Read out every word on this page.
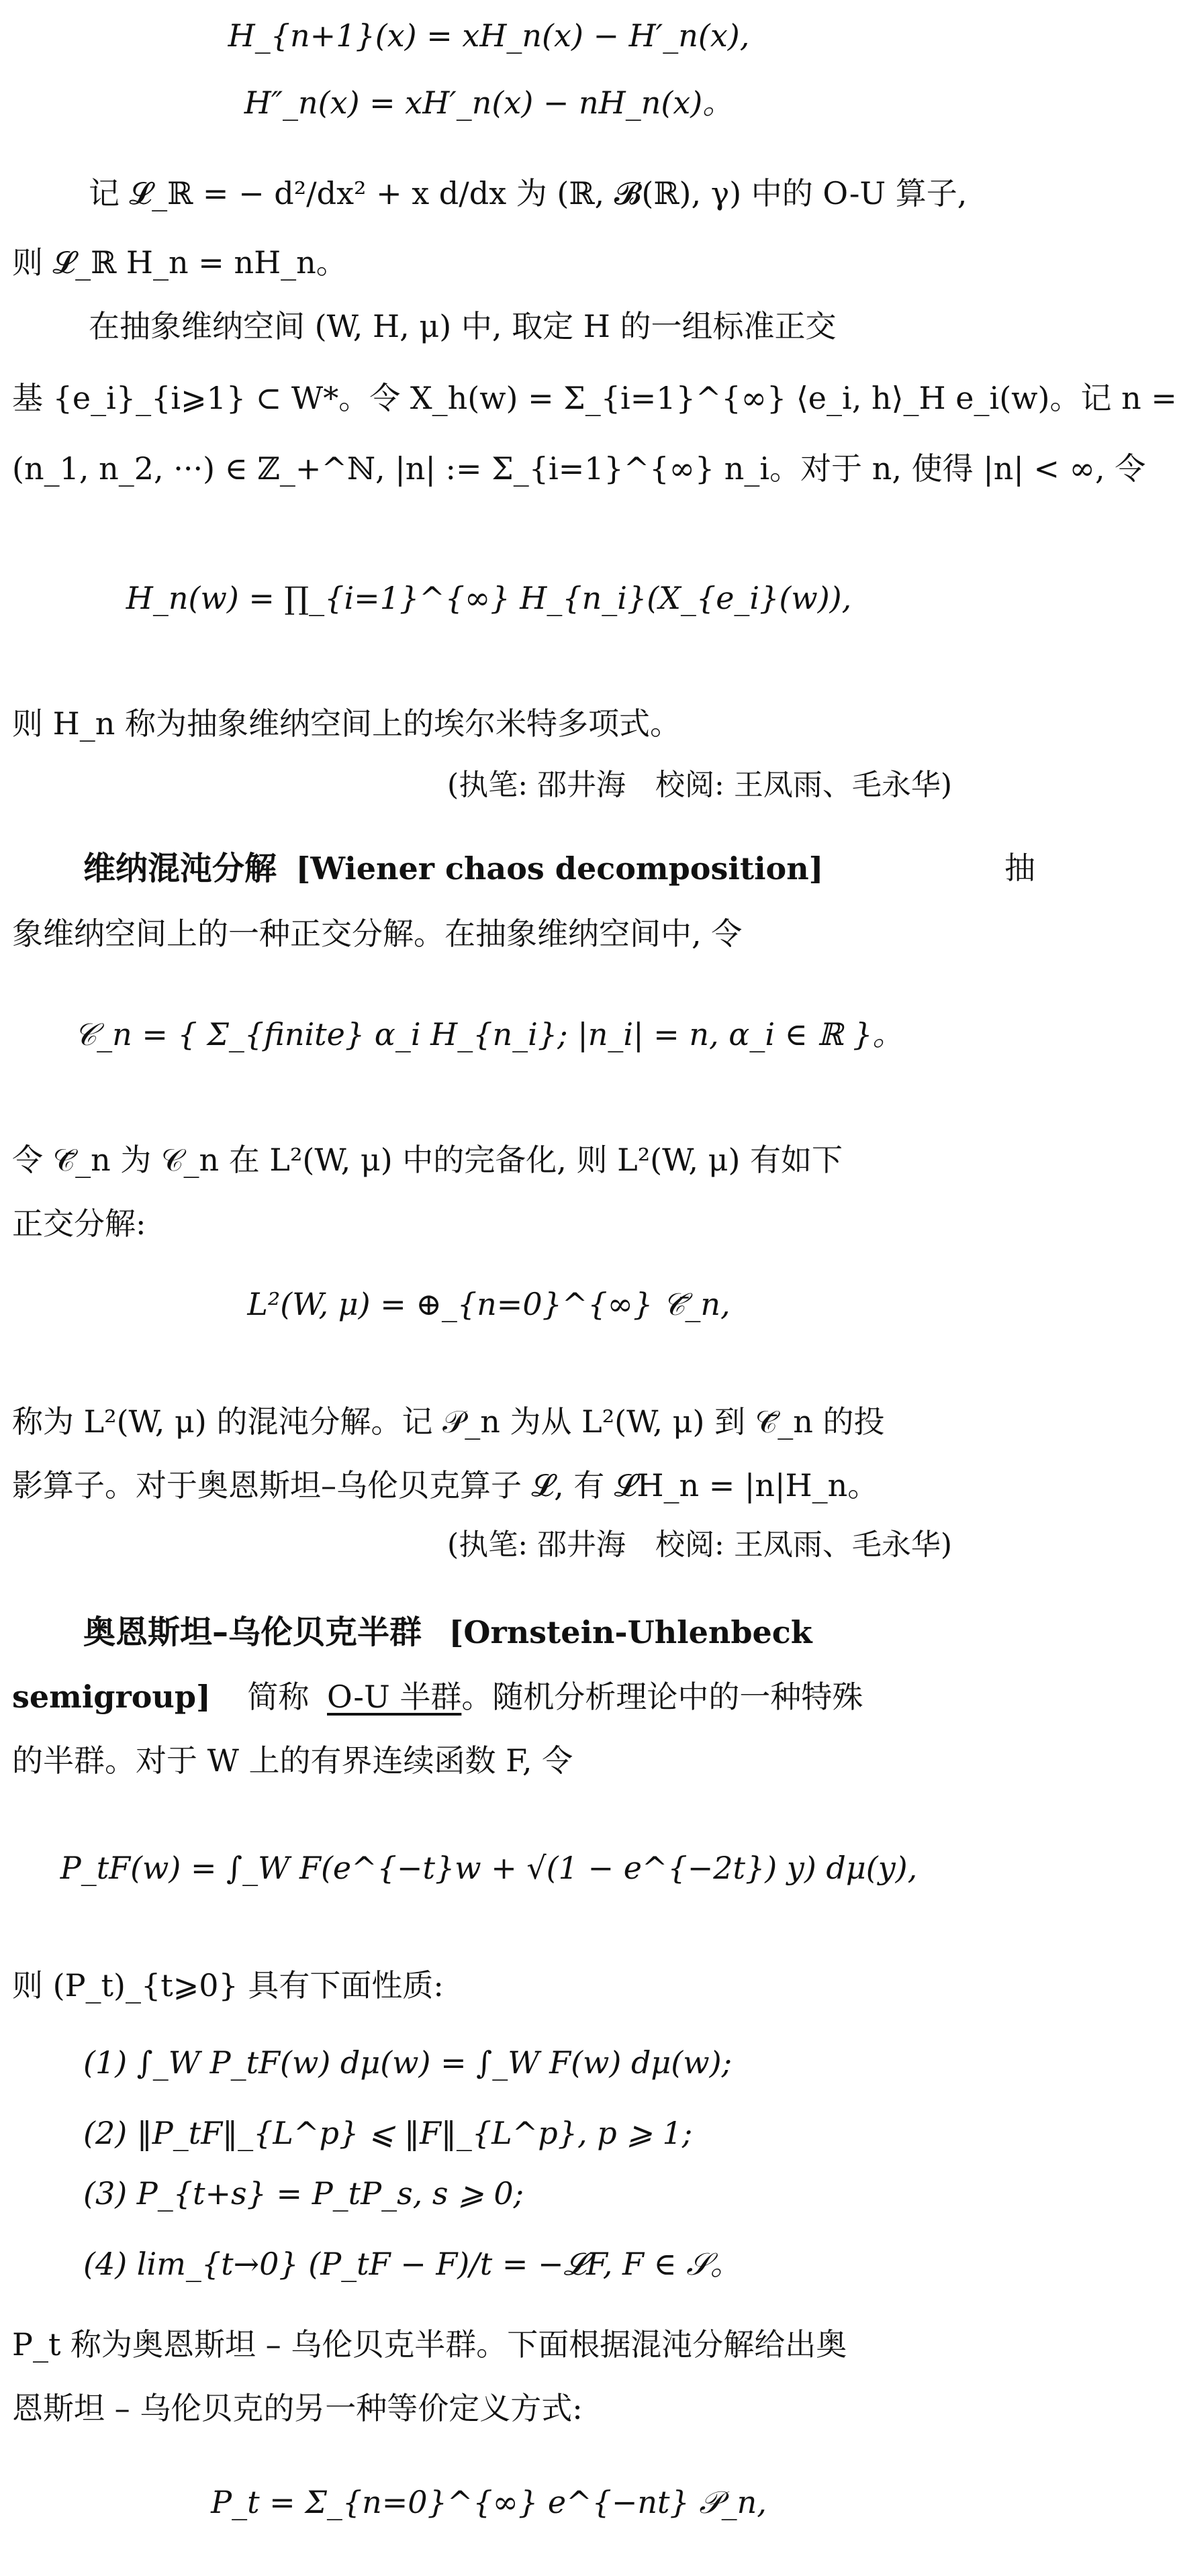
H_{n+1}(x) = xH_n(x) − H′_n(x),
H″_n(x) = xH′_n(x) − nH_n(x)。
记 𝓛_ℝ = − d²/dx² + x d/dx 为 (ℝ, 𝓑(ℝ), γ) 中的 O-U 算子,
则 𝓛_ℝ H_n = nH_n。
在抽象维纳空间 (W, H, μ) 中, 取定 H 的一组标准正交
基 {e_i}_{i⩾1} ⊂ W*。令 X_h(w) = Σ_{i=1}^{∞} ⟨e_i, h⟩_H e_i(w)。记 n =
(n_1, n_2, ···) ∈ ℤ_+^ℕ, |n| := Σ_{i=1}^{∞} n_i。对于 n, 使得 |n| < ∞, 令
H_n(w) = ∏_{i=1}^{∞} H_{n_i}(X_{e_i}(w)),
则 H_n 称为抽象维纳空间上的埃尔米特多项式。
(执笔: 邵井海　校阅: 王凤雨、毛永华)
维纳混沌分解 [Wiener chaos decomposition]	抽
象维纳空间上的一种正交分解。在抽象维纳空间中, 令
𝒞_n = { Σ_{finite} α_i H_{n_i}; |n_i| = n, α_i ∈ ℝ }。
令 𝒞̄_n 为 𝒞_n 在 L²(W, μ) 中的完备化, 则 L²(W, μ) 有如下
正交分解:
L²(W, μ) = ⊕_{n=0}^{∞} 𝒞̄_n,
称为 L²(W, μ) 的混沌分解。记 𝒫_n 为从 L²(W, μ) 到 𝒞̄_n 的投
影算子。对于奥恩斯坦–乌伦贝克算子 𝓛, 有 𝓛H_n = |n|H_n。
(执笔: 邵井海　校阅: 王凤雨、毛永华)
奥恩斯坦–乌伦贝克半群 [Ornstein-Uhlenbeck
semigroup] 简称 O-U 半群。随机分析理论中的一种特殊
的半群。对于 W 上的有界连续函数 F, 令
P_tF(w) = ∫_W F(e^{−t}w + √(1 − e^{−2t}) y) dμ(y),
则 (P_t)_{t⩾0} 具有下面性质:
(1) ∫_W P_tF(w) dμ(w) = ∫_W F(w) dμ(w);
(2) ‖P_tF‖_{L^p} ⩽ ‖F‖_{L^p}, p ⩾ 1;
(3) P_{t+s} = P_tP_s, s ⩾ 0;
(4) lim_{t→0} (P_tF − F)/t = −𝓛F, F ∈ 𝒮。
P_t 称为奥恩斯坦 – 乌伦贝克半群。下面根据混沌分解给出奥
恩斯坦 – 乌伦贝克的另一种等价定义方式:
P_t = Σ_{n=0}^{∞} e^{−nt} 𝒫_n,
